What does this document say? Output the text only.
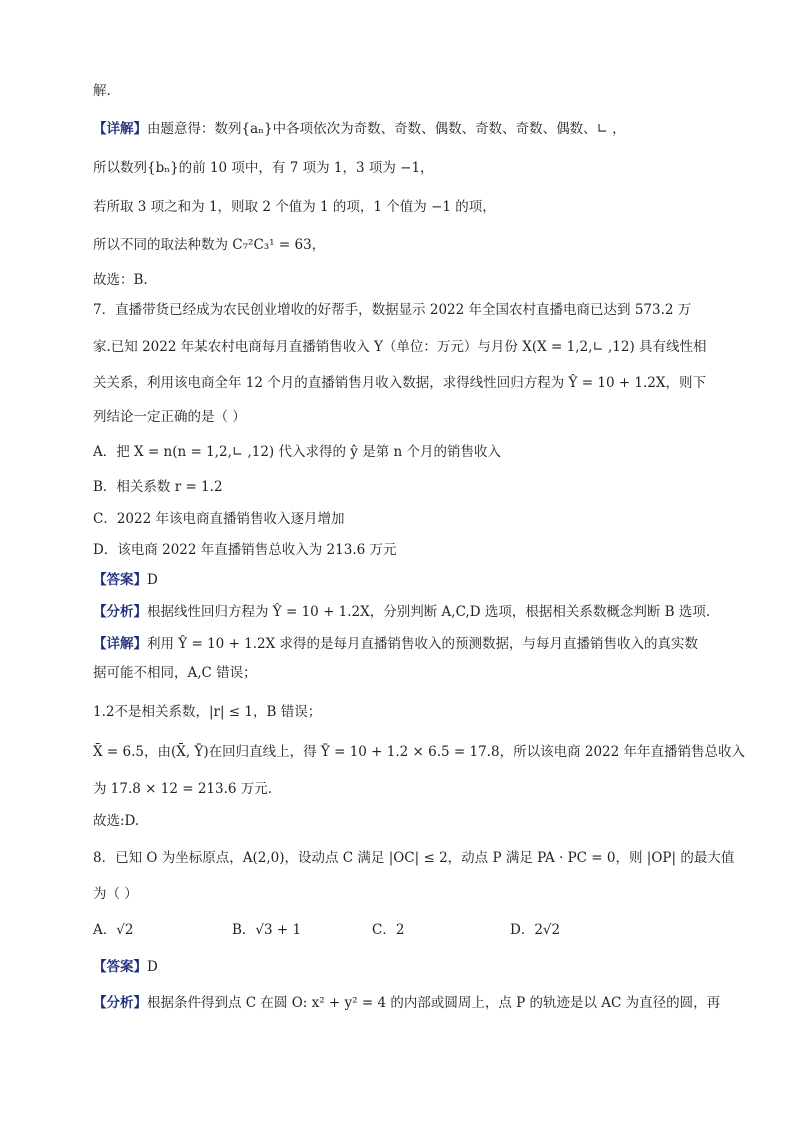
解.
【详解】由题意得：数列{aₙ}中各项依次为奇数、奇数、偶数、奇数、奇数、偶数、∟ ，
所以数列{bₙ}的前 10 项中，有 7 项为 1，3 项为 −1，
若所取 3 项之和为 1，则取 2 个值为 1 的项，1 个值为 −1 的项，
所以不同的取法种数为 C₇²C₃¹ = 63，
故选：B.
7．直播带货已经成为农民创业增收的好帮手，数据显示 2022 年全国农村直播电商已达到 573.2 万
家.已知 2022 年某农村电商每月直播销售收入 Y（单位：万元）与月份 X(X = 1,2,∟ ,12) 具有线性相
关关系，利用该电商全年 12 个月的直播销售月收入数据，求得线性回归方程为 Ŷ = 10 + 1.2X，则下
列结论一定正确的是（ ）
A．把 X = n(n = 1,2,∟ ,12) 代入求得的 ŷ 是第 n 个月的销售收入
B．相关系数 r = 1.2
C．2022 年该电商直播销售收入逐月增加
D．该电商 2022 年直播销售总收入为 213.6 万元
【答案】D
【分析】根据线性回归方程为 Ŷ = 10 + 1.2X，分别判断 A,C,D 选项，根据相关系数概念判断 B 选项.
【详解】利用 Ŷ = 10 + 1.2X 求得的是每月直播销售收入的预测数据，与每月直播销售收入的真实数
据可能不相同，A,C 错误；
1.2不是相关系数，|r| ≤ 1，B 错误；
X̄ = 6.5，由(X̄, Ȳ)在回归直线上，得 Ȳ = 10 + 1.2 × 6.5 = 17.8，所以该电商 2022 年年直播销售总收入
为 17.8 × 12 = 213.6 万元.
故选:D.
8．已知 O 为坐标原点，A(2,0)，设动点 C 满足 |OC| ≤ 2，动点 P 满足 PA · PC = 0，则 |OP| 的最大值
为（ ）
A．√2	B．√3 + 1	C．2	D．2√2
【答案】D
【分析】根据条件得到点 C 在圆 O: x² + y² = 4 的内部或圆周上，点 P 的轨迹是以 AC 为直径的圆，再
